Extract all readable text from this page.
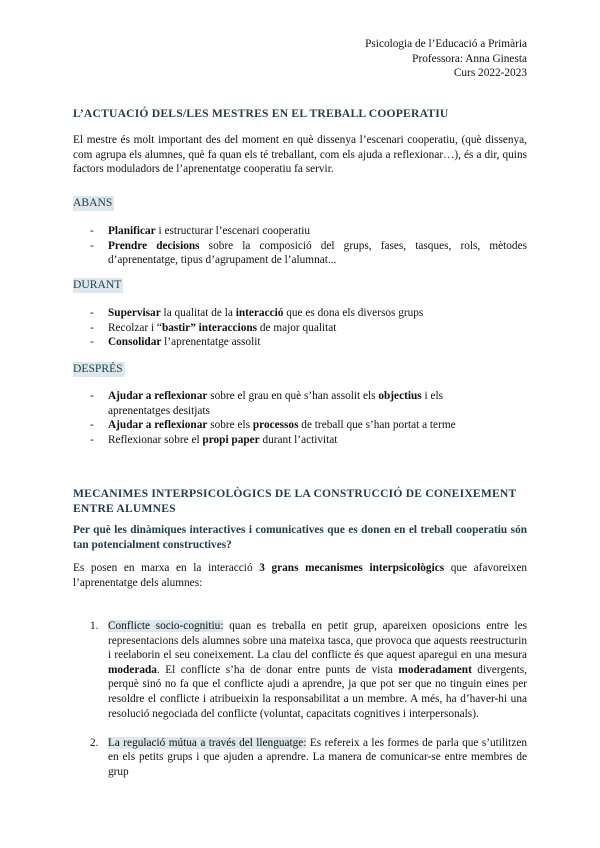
Psicologia de l’Educació a Primària
Professora: Anna Ginesta
Curs 2022-2023
L’ACTUACIÓ DELS/LES MESTRES EN EL TREBALL COOPERATIU
El mestre és molt important des del moment en què dissenya l’escenari cooperatiu, (què dissenya, com agrupa els alumnes, què fa quan els té treballant, com els ajuda a reflexionar…), és a dir, quins factors moduladors de l’aprenentatge cooperatiu fa servir.
ABANS
- Planificar i estructurar l’escenari cooperatiu
- Prendre decisions sobre la composició del grups, fases, tasques, rols, mètodes d’aprenentatge, tipus d’agrupament de l’alumnat...
DURANT
- Supervisar la qualitat de la interacció que es dona els diversos grups
- Recolzar i “bastir” interaccions de major qualitat
- Consolidar l’aprenentatge assolit
DESPRÉS
- Ajudar a reflexionar sobre el grau en què s’han assolit els objectius i els aprenentatges desitjats
- Ajudar a reflexionar sobre els processos de treball que s’han portat a terme
- Reflexionar sobre el propi paper durant l’activitat
MECANIMES INTERPSICOLÒGICS DE LA CONSTRUCCIÓ DE CONEIXEMENT ENTRE ALUMNES
Per què les dinàmiques interactives i comunicatives que es donen en el treball cooperatiu són tan potencialment constructives?
Es posen en marxa en la interacció 3 grans mecanismes interpsicològics que afavoreixen l’aprenentatge dels alumnes:
1. Conflicte socio-cognitiu: quan es treballa en petit grup, apareixen oposicions entre les representacions dels alumnes sobre una mateixa tasca, que provoca que aquests reestructurin i reelaborin el seu coneixement. La clau del conflicte és que aquest aparegui en una mesura moderada. El conflicte s’ha de donar entre punts de vista moderadament divergents, perquè sinó no fa que el conflicte ajudi a aprendre, ja que pot ser que no tinguin eines per resoldre el conflicte i atribueixin la responsabilitat a un membre. A més, ha d’haver-hi una resolució negociada del conflicte (voluntat, capacitats cognitives i interpersonals).
2. La regulació mútua a través del llenguatge: Es refereix a les formes de parla que s’utilitzen en els petits grups i que ajuden a aprendre. La manera de comunicar-se entre membres de grup
